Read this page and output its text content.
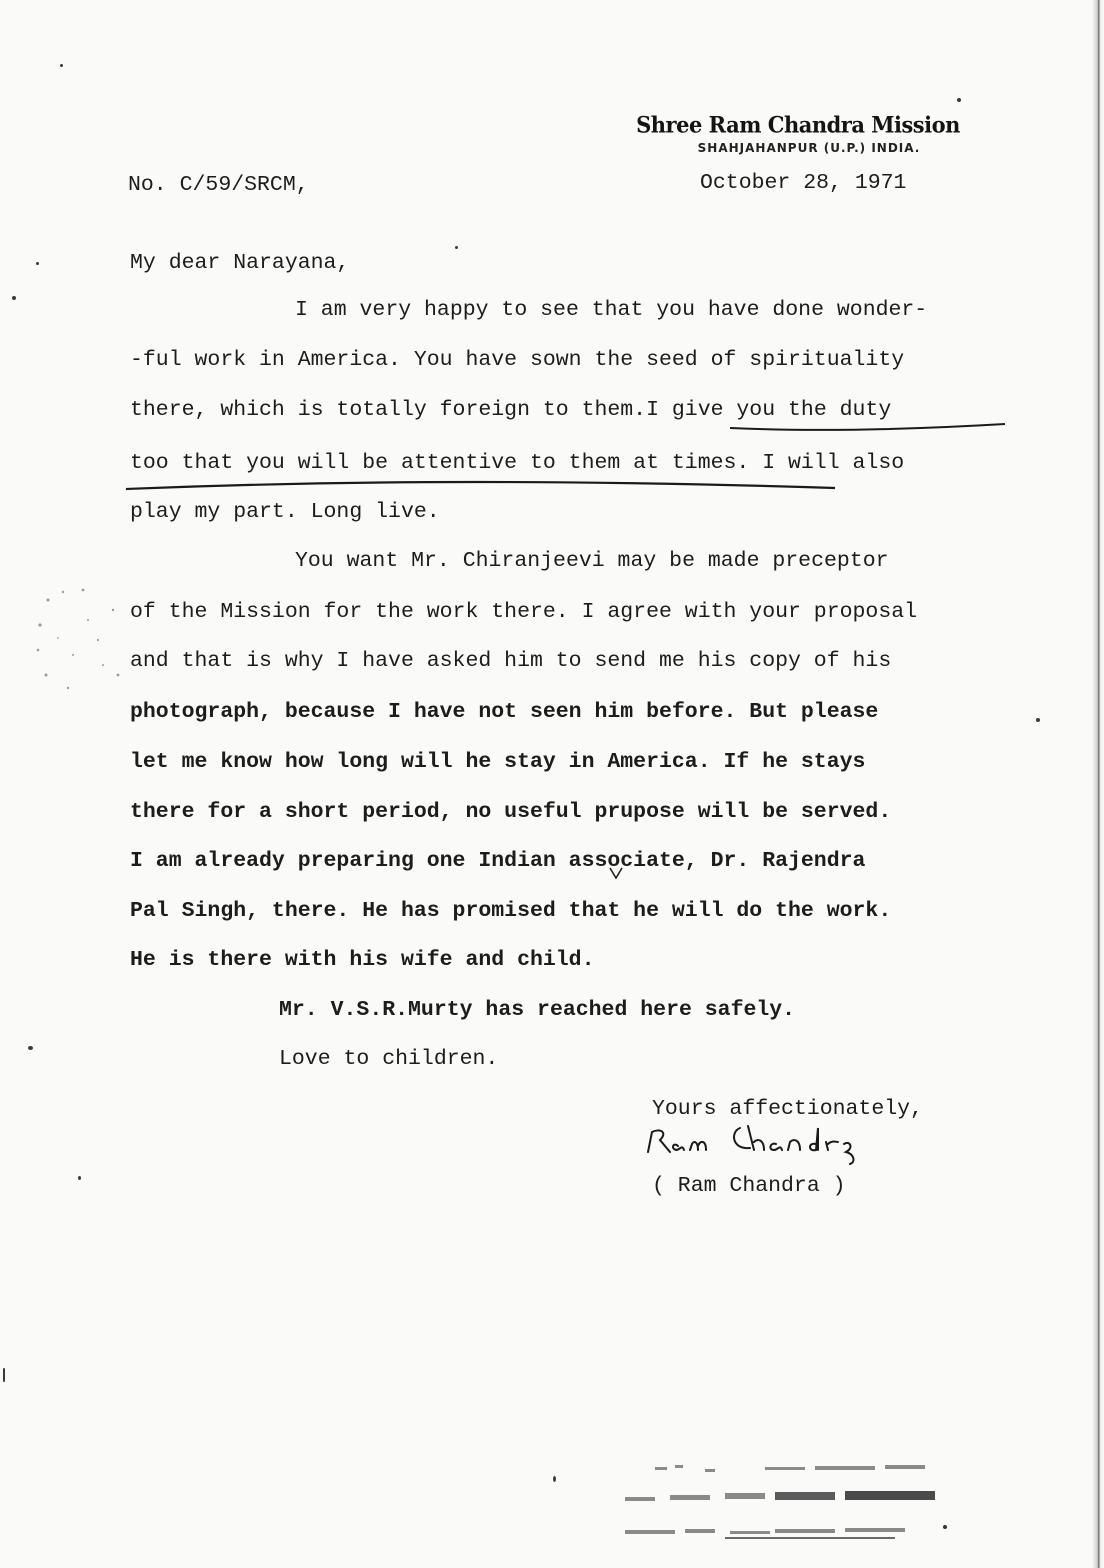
Shree Ram Chandra Mission
SHAHJAHANPUR (U.P.) INDIA.
No. C/59/SRCM,	October 28, 1971
My dear Narayana,
I am very happy to see that you have done wonder-
-ful work in America. You have sown the seed of spirituality
there, which is totally foreign to them.I give you the duty
too that you will be attentive to them at times. I will also
play my part. Long live.
You want Mr. Chiranjeevi may be made preceptor
of the Mission for the work there. I agree with your proposal
and that is why I have asked him to send me his copy of his
photograph, because I have not seen him before. But please
let me know how long will he stay in America. If he stays
there for a short period, no useful prupose will be served.
I am already preparing one Indian associate, Dr. Rajendra
Pal Singh, there. He has promised that he will do the work.
He is there with his wife and child.
Mr. V.S.R.Murty has reached here safely.
Love to children.
Yours affectionately,
( Ram Chandra )
